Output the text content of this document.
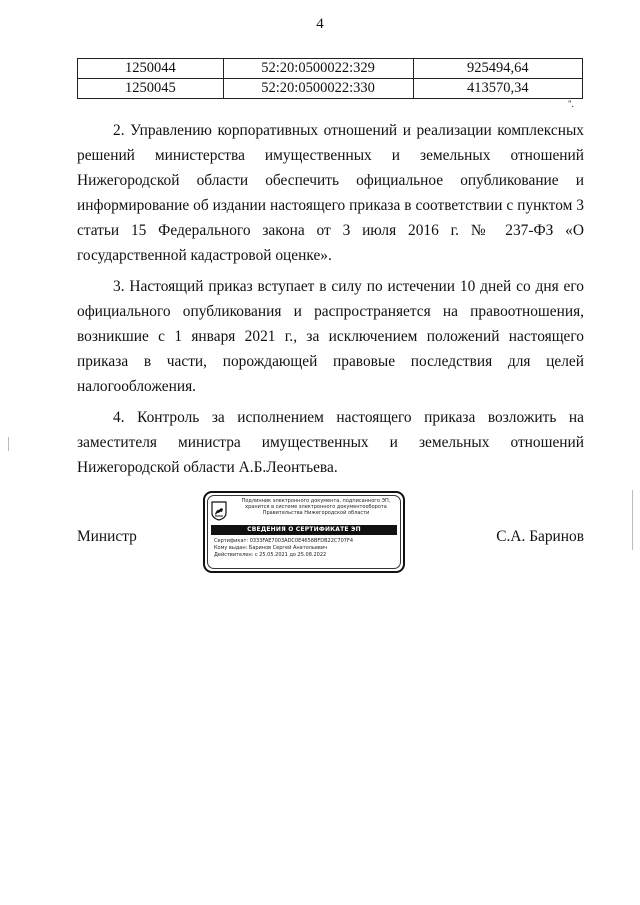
4
1250044	52:20:0500022:329	925494,64
1250045	52:20:0500022:330	413570,34
".

2. Управлению корпоративных отношений и реализации комплексных решений министерства имущественных и земельных отношений Нижегородской области обеспечить официальное опубликование и информирование об издании настоящего приказа в соответствии с пунктом 3 статьи 15 Федерального закона от 3 июля 2016 г. № 237-ФЗ «О государственной кадастровой оценке».

3. Настоящий приказ вступает в силу по истечении 10 дней со дня его официального опубликования и распространяется на правоотношения, возникшие с 1 января 2021 г., за исключением положений настоящего приказа в части, порождающей правовые последствия для целей налогообложения.

4. Контроль за исполнением настоящего приказа возложить на заместителя министра имущественных и земельных отношений Нижегородской области А.Б.Леонтьева.

Министр	С.А. Баринов
Подлинник электронного документа, подписанного ЭП,
хранится в системе электронного документооборота
Правительства Нижегородской области
СВЕДЕНИЯ О СЕРТИФИКАТЕ ЭП
Сертификат: 0333FAE7003ADC0E4658BFDB22C707F4
Кому выдан: Баринов Сергей Анатольевич
Действителен: с 25.05.2021 до 25.08.2022
